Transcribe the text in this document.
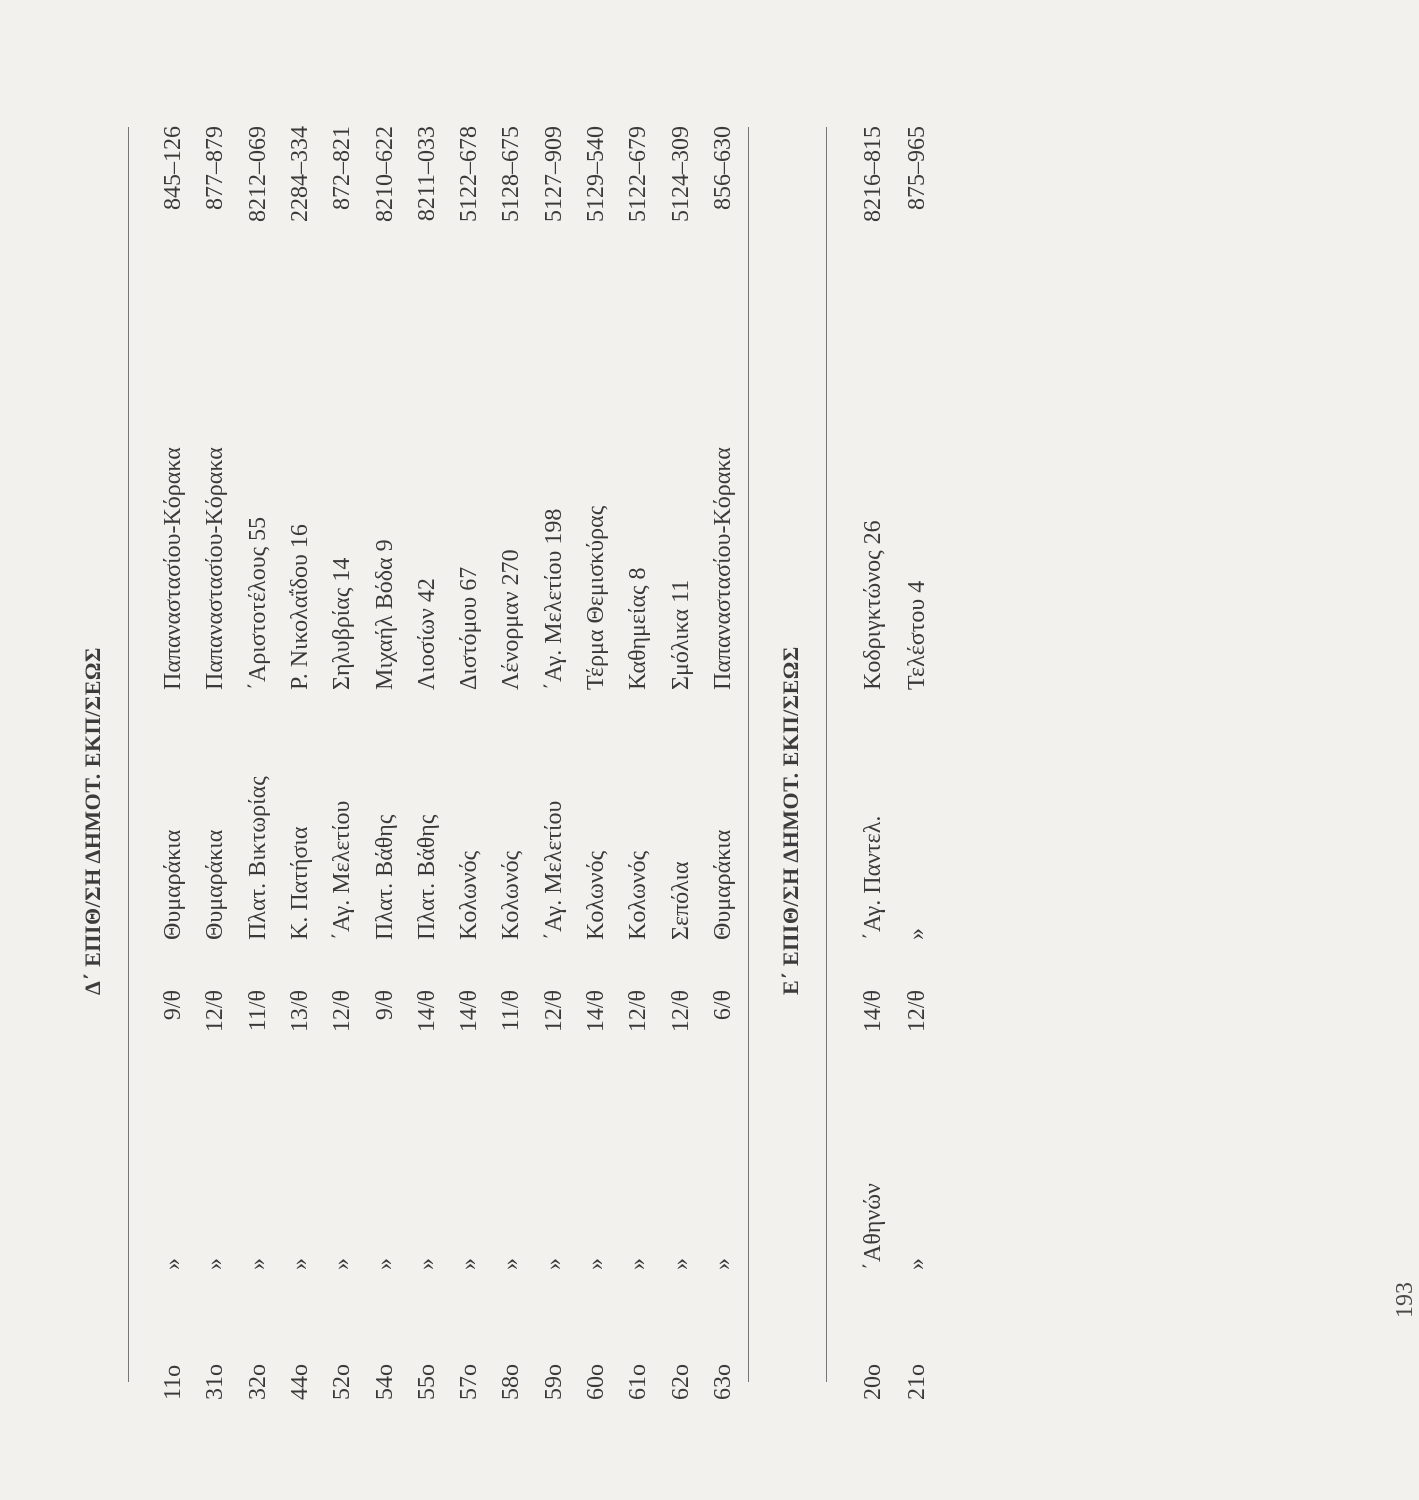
Δ΄ ΕΠΙΘ/ΣΗ ΔΗΜΟΤ. ΕΚΠ/ΣΕΩΣ
11ο
»
9/θ
Θυμαράκια
Παπαναστασίου-Κόρακα
845–126
31ο
»
12/θ
Θυμαράκια
Παπαναστασίου-Κόρακα
877–879
32ο
»
11/θ
Πλατ. Βικτωρίας
΄Αριστοτέλους 55
8212–069
44ο
»
13/θ
Κ. Πατήσια
Ρ. Νικολαΐδου 16
2284–334
52ο
»
12/θ
΄Αγ. Μελετίου
Σηλυβρίας 14
872–821
54ο
»
9/θ
Πλατ. Βάθης
Μιχαήλ Βόδα 9
8210–622
55ο
»
14/θ
Πλατ. Βάθης
Λιοσίων 42
8211–033
57ο
»
14/θ
Κολωνός
Διστόμου 67
5122–678
58ο
»
11/θ
Κολωνός
Λένορμαν 270
5128–675
59ο
»
12/θ
΄Αγ. Μελετίου
΄Αγ. Μελετίου 198
5127–909
60ο
»
14/θ
Κολωνός
Τέρμα Θεμισκύρας
5129–540
61ο
»
12/θ
Κολωνός
Καθημείας 8
5122–679
62ο
»
12/θ
Σεπόλια
Σμόλικα 11
5124–309
63ο
»
6/θ
Θυμαράκια
Παπαναστασίου-Κόρακα
856–630
Ε΄ ΕΠΙΘ/ΣΗ ΔΗΜΟΤ. ΕΚΠ/ΣΕΩΣ
20ο
΄Αθηνών
14/θ
΄Αγ. Παντελ.
Κοδριγκτώνος 26
8216–815
21ο
»
12/θ
»
Τελέστου 4
875–965
193
